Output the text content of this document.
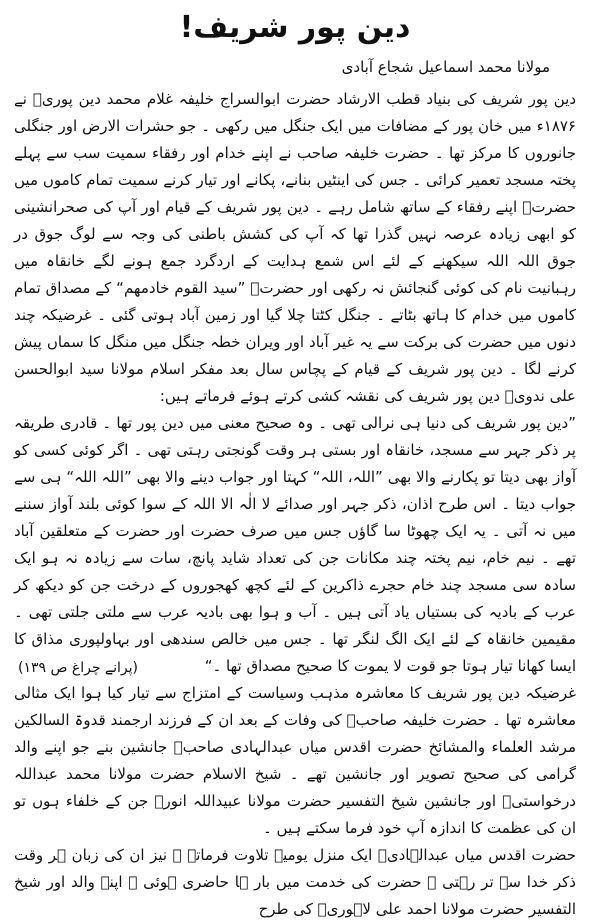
دین پور شریف!
مولانا محمد اسماعیل شجاع آبادی

دین پور شریف کی بنیاد قطب الارشاد حضرت ابوالسراج خلیفہ غلام محمد دین پوریؒ نے ۱۸۷۶ء میں خان پور کے مضافات میں ایک جنگل میں رکھی ۔ جو حشرات الارض اور جنگلی جانوروں کا مرکز تھا ۔ حضرت خلیفہ صاحب نے اپنے خدام اور رفقاء سمیت سب سے پہلے پختہ مسجد تعمیر کرائی ۔ جس کی اینٹیں بنانے، پکانے اور تیار کرنے سمیت تمام کاموں میں حضرتؒ اپنے رفقاء کے ساتھ شامل رہے ۔ دین پور شریف کے قیام اور آپ کی صحرانشینی کو ابھی زیادہ عرصہ نہیں گذرا تھا کہ آپ کی کشش باطنی کی وجہ سے لوگ جوق در جوق اللہ اللہ سیکھنے کے لئے اس شمع ہدایت کے اردگرد جمع ہونے لگے خانقاہ میں رہبانیت نام کی کوئی گنجائش نہ رکھی اور حضرتؒ ”سید القوم خادمھم“ کے مصداق تمام کاموں میں خدام کا ہاتھ بٹاتے ۔ جنگل کٹتا چلا گیا اور زمین آباد ہوتی گئی ۔ غرضیکہ چند دنوں میں حضرت کی برکت سے یہ غیر آباد اور ویران خطہ جنگل میں منگل کا سماں پیش کرنے لگا ۔ دین پور شریف کے قیام کے پچاس سال بعد مفکر اسلام مولانا سید ابوالحسن علی ندویؒ دین پور شریف کی نقشہ کشی کرتے ہوئے فرماتے ہیں:

”دین پور شریف کی دنیا ہی نرالی تھی ۔ وہ صحیح معنی میں دین پور تھا ۔ قادری طریقہ پر ذکر جہر سے مسجد، خانقاہ اور بستی ہر وقت گونجتی رہتی تھی ۔ اگر کوئی کسی کو آواز بھی دیتا تو پکارنے والا بھی ”اللہ، اللہ“ کہتا اور جواب دینے والا بھی ”اللہ اللہ“ ہی سے جواب دیتا ۔ اس طرح اذان، ذکر جہر اور صدائے لا الٰہ الا اللہ کے سوا کوئی بلند آواز سننے میں نہ آتی ۔ یہ ایک چھوٹا سا گاؤں جس میں صرف حضرت اور حضرت کے متعلقین آباد تھے ۔ نیم خام، نیم پختہ چند مکانات جن کی تعداد شاید پانچ، سات سے زیادہ نہ ہو ایک سادہ سی مسجد چند خام حجرے ذاکرین کے لئے کچھ کھجوروں کے درخت جن کو دیکھ کر عرب کے بادیہ کی بستیاں یاد آتی ہیں ۔ آب و ہوا بھی بادیہ عرب سے ملتی جلتی تھی ۔ مقیمین خانقاہ کے لئے ایک الگ لنگر تھا ۔ جس میں خالص سندھی اور بہاولپوری مذاق کا ایسا کھانا تیار ہوتا جو قوت لا یموت کا صحیح مصداق تھا ۔“

(پرانے چراغ ص ۱۳۹)

غرضیکہ دین پور شریف کا معاشرہ مذہب وسیاست کے امتزاج سے تیار کیا ہوا ایک مثالی معاشرہ تھا ۔ حضرت خلیفہ صاحبؒ کی وفات کے بعد ان کے فرزند ارجمند قدوۃ السالکین مرشد العلماء والمشائخ حضرت اقدس میاں عبدالہادی صاحبؒ جانشین بنے جو اپنے والد گرامی کی صحیح تصویر اور جانشین تھے ۔ شیخ الاسلام حضرت مولانا محمد عبداللہ درخواستیؒ اور جانشین شیخ التفسیر حضرت مولانا عبیداللہ انورؒ جن کے خلفاء ہوں تو ان کی عظمت کا اندازہ آپ خود فرما سکتے ہیں ۔

حضرت اقدس میاں عبدالہادیؒ ایک منزل یومیہ تلاوت فرماتے ۔ نیز ان کی زبان ہر وقت ذکر خدا سے تر رہتی ۔ حضرت کی خدمت میں بار ہا حاضری ہوئی ۔ اپنے والد اور شیخ التفسیر حضرت مولانا احمد علی لاہوریؒ کی طرح
